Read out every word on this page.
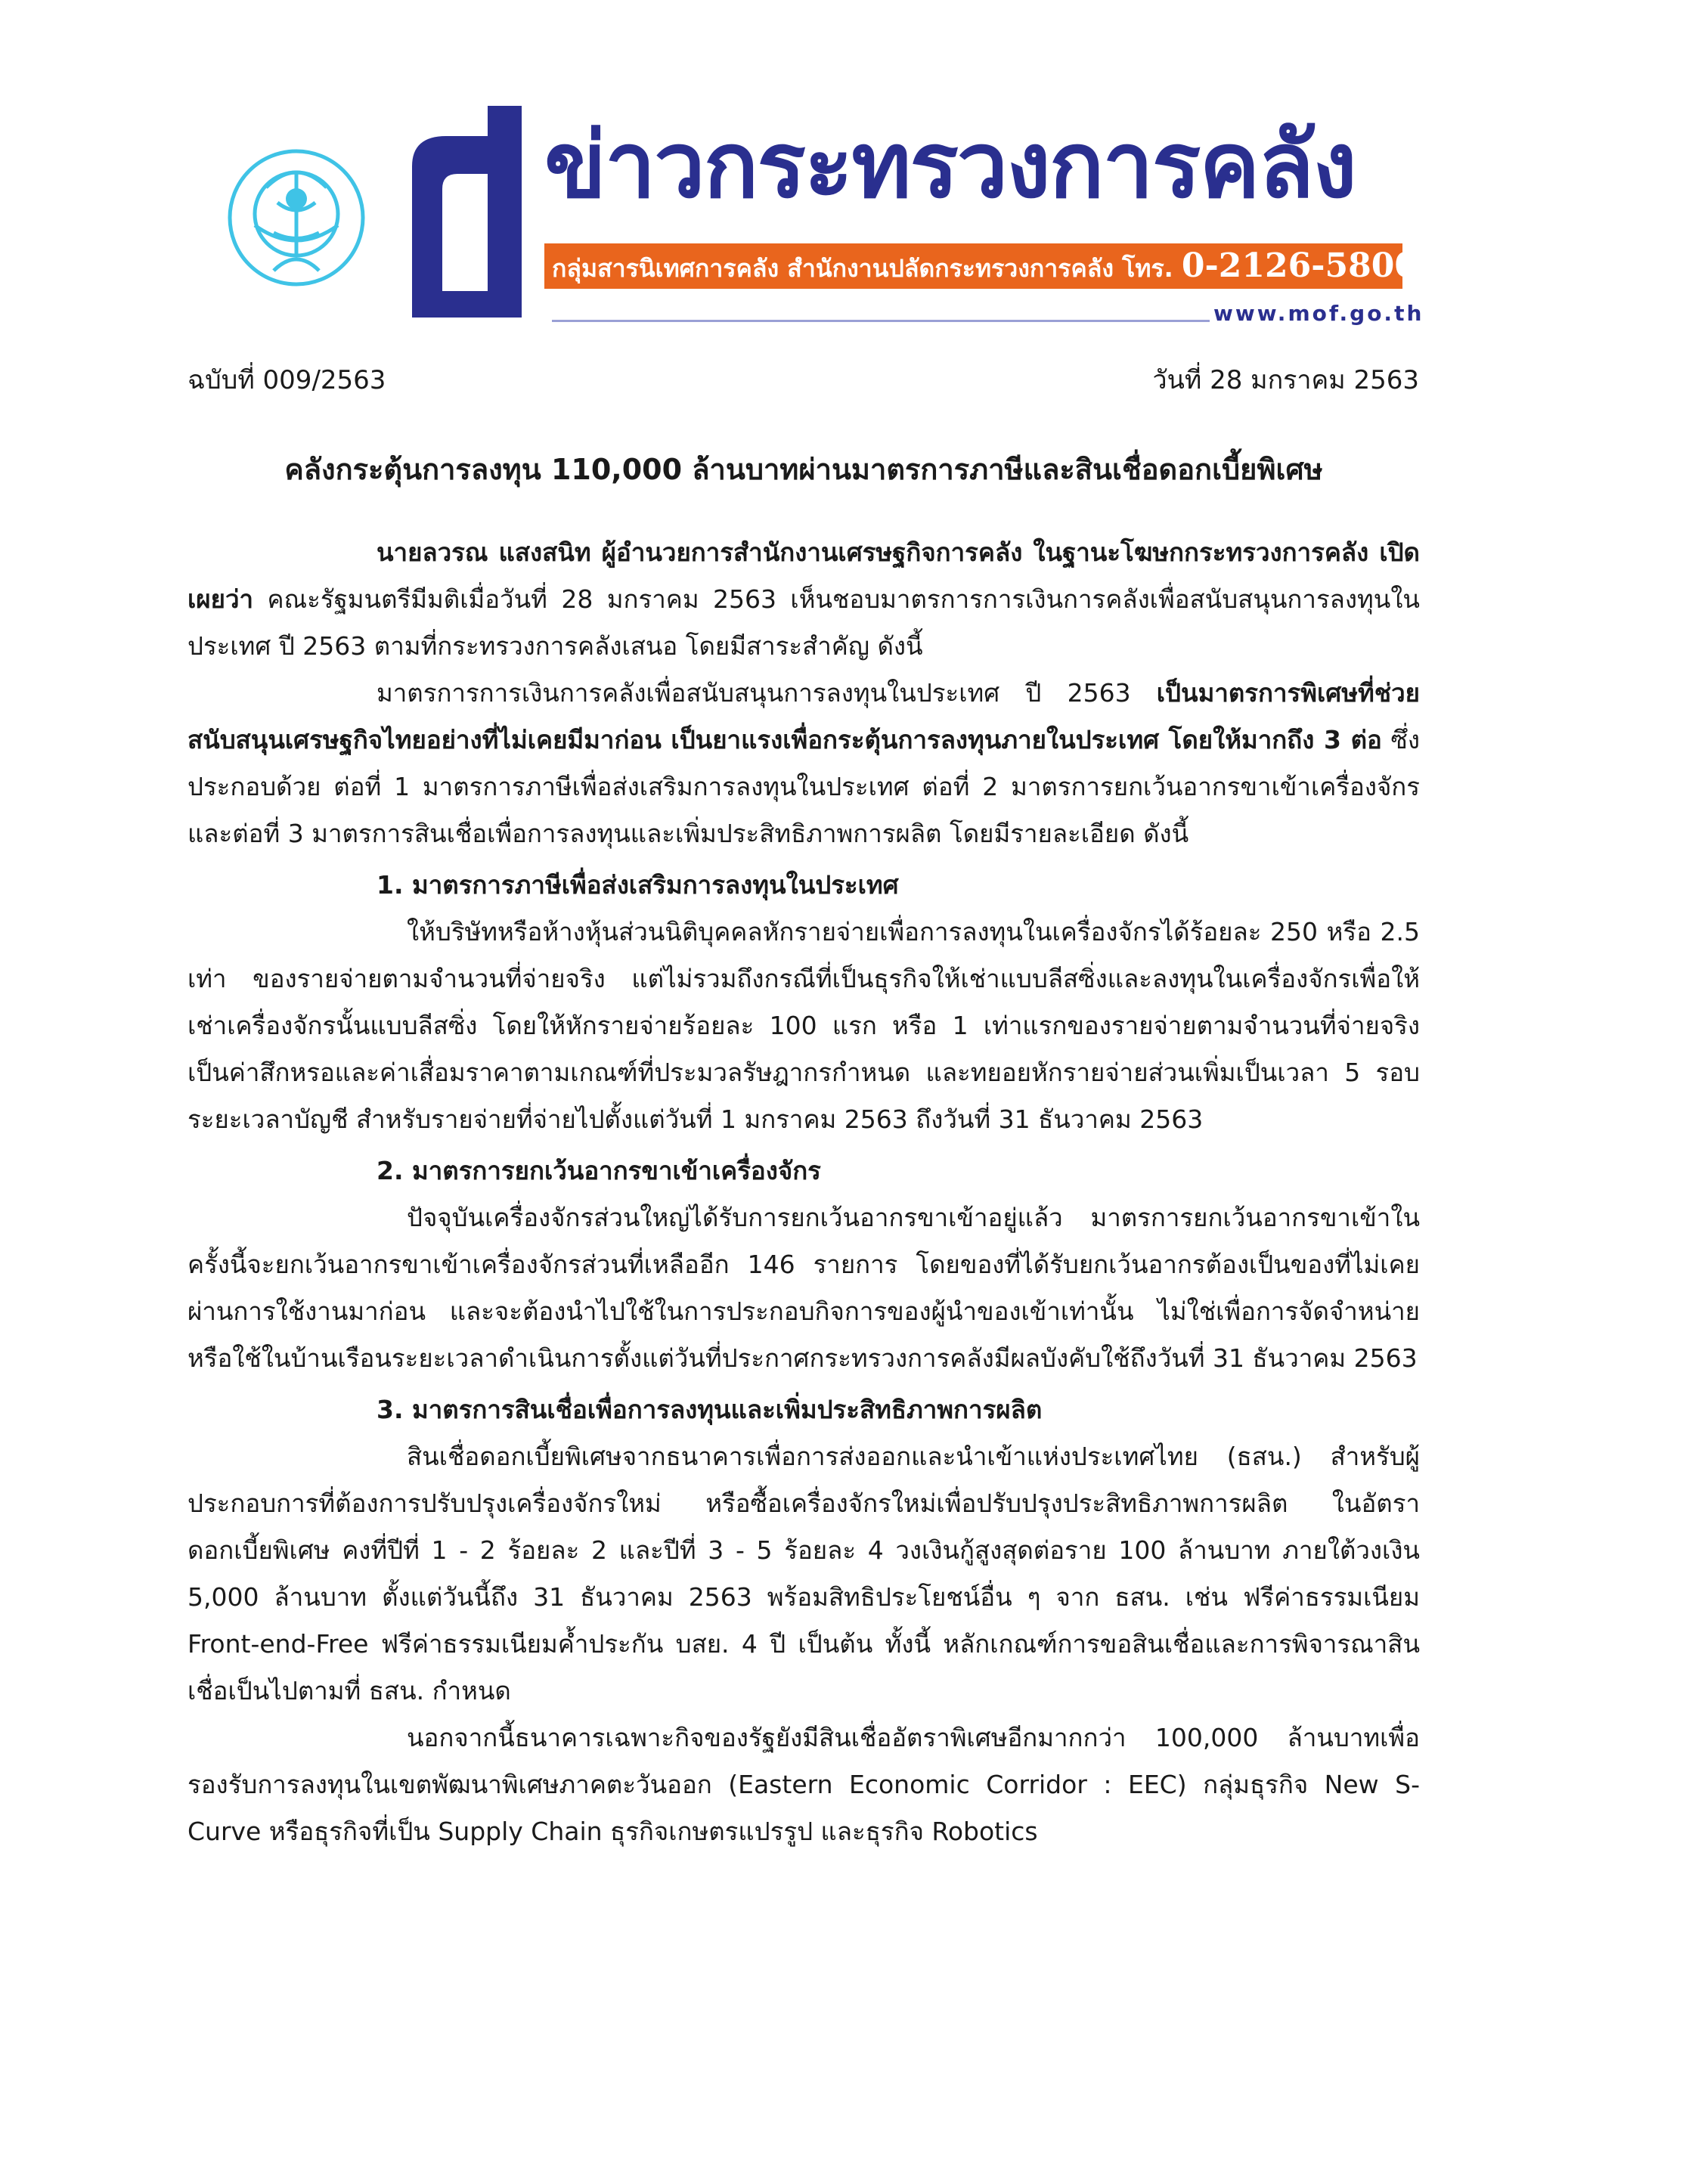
ข่าวกระทรวงการคลัง
กลุ่มสารนิเทศการคลัง สำนักงานปลัดกระทรวงการคลัง โทร. 0-2126-5800 โทรสาร 0-2273-9763
www.mof.go.th
ฉบับที่ 009/2563	วันที่ 28 มกราคม 2563
คลังกระตุ้นการลงทุน 110,000 ล้านบาทผ่านมาตรการภาษีและสินเชื่อดอกเบี้ยพิเศษ

นายลวรณ แสงสนิท ผู้อำนวยการสำนักงานเศรษฐกิจการคลัง ในฐานะโฆษกกระทรวงการคลัง เปิดเผยว่า คณะรัฐมนตรีมีมติเมื่อวันที่ 28 มกราคม 2563 เห็นชอบมาตรการการเงินการคลังเพื่อสนับสนุนการลงทุนในประเทศ ปี 2563 ตามที่กระทรวงการคลังเสนอ โดยมีสาระสำคัญ ดังนี้

มาตรการการเงินการคลังเพื่อสนับสนุนการลงทุนในประเทศ ปี 2563 เป็นมาตรการพิเศษที่ช่วยสนับสนุนเศรษฐกิจไทยอย่างที่ไม่เคยมีมาก่อน เป็นยาแรงเพื่อกระตุ้นการลงทุนภายในประเทศ โดยให้มากถึง 3 ต่อ ซึ่งประกอบด้วย ต่อที่ 1 มาตรการภาษีเพื่อส่งเสริมการลงทุนในประเทศ ต่อที่ 2 มาตรการยกเว้นอากรขาเข้าเครื่องจักร และต่อที่ 3 มาตรการสินเชื่อเพื่อการลงทุนและเพิ่มประสิทธิภาพการผลิต โดยมีรายละเอียด ดังนี้

1. มาตรการภาษีเพื่อส่งเสริมการลงทุนในประเทศ

ให้บริษัทหรือห้างหุ้นส่วนนิติบุคคลหักรายจ่ายเพื่อการลงทุนในเครื่องจักรได้ร้อยละ 250 หรือ 2.5 เท่า ของรายจ่ายตามจำนวนที่จ่ายจริง แต่ไม่รวมถึงกรณีที่เป็นธุรกิจให้เช่าแบบลีสซิ่งและลงทุนในเครื่องจักรเพื่อให้เช่าเครื่องจักรนั้นแบบลีสซิ่ง โดยให้หักรายจ่ายร้อยละ 100 แรก หรือ 1 เท่าแรกของรายจ่ายตามจำนวนที่จ่ายจริง เป็นค่าสึกหรอและค่าเสื่อมราคาตามเกณฑ์ที่ประมวลรัษฎากรกำหนด และทยอยหักรายจ่ายส่วนเพิ่มเป็นเวลา 5 รอบระยะเวลาบัญชี สำหรับรายจ่ายที่จ่ายไปตั้งแต่วันที่ 1 มกราคม 2563 ถึงวันที่ 31 ธันวาคม 2563

2. มาตรการยกเว้นอากรขาเข้าเครื่องจักร

ปัจจุบันเครื่องจักรส่วนใหญ่ได้รับการยกเว้นอากรขาเข้าอยู่แล้ว มาตรการยกเว้นอากรขาเข้าในครั้งนี้จะยกเว้นอากรขาเข้าเครื่องจักรส่วนที่เหลืออีก 146 รายการ โดยของที่ได้รับยกเว้นอากรต้องเป็นของที่ไม่เคยผ่านการใช้งานมาก่อน และจะต้องนำไปใช้ในการประกอบกิจการของผู้นำของเข้าเท่านั้น ไม่ใช่เพื่อการจัดจำหน่ายหรือใช้ในบ้านเรือนระยะเวลาดำเนินการตั้งแต่วันที่ประกาศกระทรวงการคลังมีผลบังคับใช้ถึงวันที่ 31 ธันวาคม 2563

3. มาตรการสินเชื่อเพื่อการลงทุนและเพิ่มประสิทธิภาพการผลิต

สินเชื่อดอกเบี้ยพิเศษจากธนาคารเพื่อการส่งออกและนำเข้าแห่งประเทศไทย (ธสน.) สำหรับผู้ประกอบการที่ต้องการปรับปรุงเครื่องจักรใหม่ หรือซื้อเครื่องจักรใหม่เพื่อปรับปรุงประสิทธิภาพการผลิต ในอัตราดอกเบี้ยพิเศษ คงที่ปีที่ 1 - 2 ร้อยละ 2 และปีที่ 3 - 5 ร้อยละ 4 วงเงินกู้สูงสุดต่อราย 100 ล้านบาท ภายใต้วงเงิน 5,000 ล้านบาท ตั้งแต่วันนี้ถึง 31 ธันวาคม 2563 พร้อมสิทธิประโยชน์อื่น ๆ จาก ธสน. เช่น ฟรีค่าธรรมเนียม Front-end-Free ฟรีค่าธรรมเนียมค้ำประกัน บสย. 4 ปี เป็นต้น ทั้งนี้ หลักเกณฑ์การขอสินเชื่อและการพิจารณาสินเชื่อเป็นไปตามที่ ธสน. กำหนด

นอกจากนี้ธนาคารเฉพาะกิจของรัฐยังมีสินเชื่ออัตราพิเศษอีกมากกว่า 100,000 ล้านบาทเพื่อรองรับการลงทุนในเขตพัฒนาพิเศษภาคตะวันออก (Eastern Economic Corridor : EEC) กลุ่มธุรกิจ New S-Curve หรือธุรกิจที่เป็น Supply Chain ธุรกิจเกษตรแปรรูป และธุรกิจ Robotics
